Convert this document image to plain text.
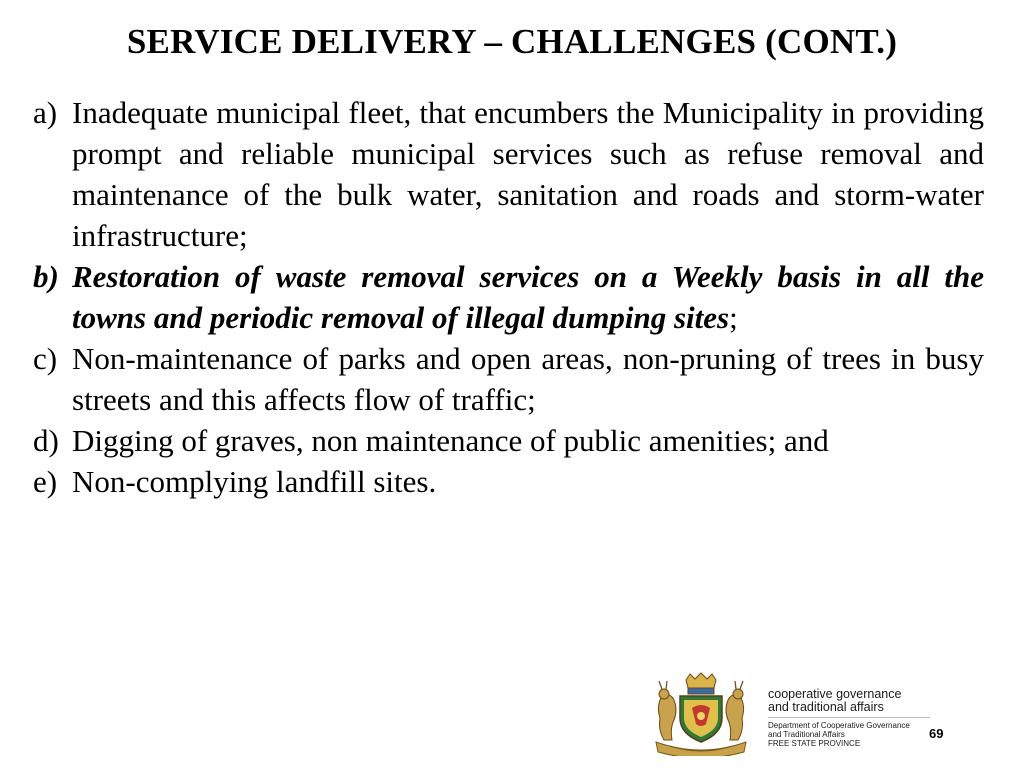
SERVICE DELIVERY – CHALLENGES (CONT.)
a) Inadequate municipal fleet, that encumbers the Municipality in providing prompt and reliable municipal services such as refuse removal and maintenance of the bulk water, sanitation and roads and storm-water infrastructure;
b) Restoration of waste removal services on a Weekly basis in all the towns and periodic removal of illegal dumping sites;
c) Non-maintenance of parks and open areas, non-pruning of trees in busy streets and this affects flow of traffic;
d) Digging of graves, non maintenance of public amenities; and
e) Non-complying landfill sites.
cooperative governance
and traditional affairs
Department of Cooperative Governance
and Traditional Affairs
FREE STATE PROVINCE
69
